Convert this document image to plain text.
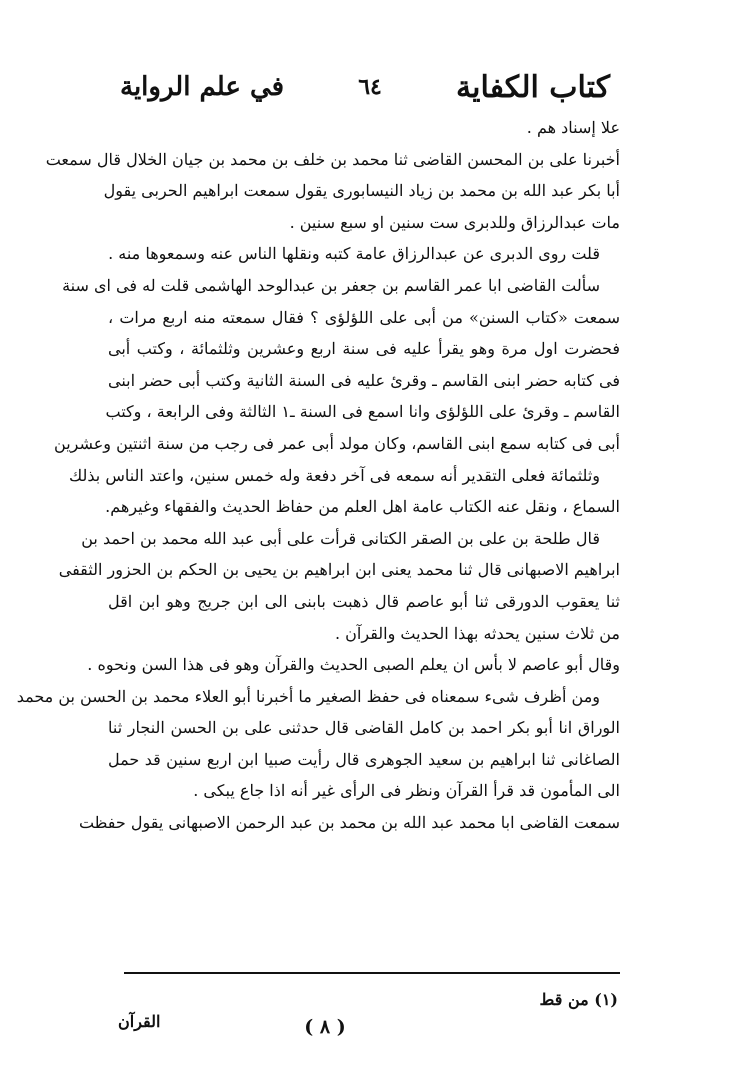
كتاب الكفاية
٦٤
في علم الرواية
علا إسناد هم .
أخبرنا على بن المحسن القاضى ثنا محمد بن خلف بن محمد بن جيان الخلال قال سمعت
أبا بكر عبد الله بن محمد بن زياد النيسابورى يقول سمعت ابراهيم الحربى يقول
مات عبدالرزاق وللدبرى ست سنين او سبع سنين .
قلت روى الدبرى عن عبدالرزاق عامة كتبه ونقلها الناس عنه وسمعوها منه .
سألت القاضى ابا عمر القاسم بن جعفر بن عبدالوحد الهاشمى قلت له فى اى سنة
سمعت «كتاب السنن» من أبى على اللؤلؤى ؟ فقال سمعته منه اربع مرات ،
فحضرت اول مرة وهو يقرأ عليه فى سنة اربع وعشرين وثلثمائة ، وكتب أبى
فى كتابه حضر ابنى القاسم ـ وقرئ عليه فى السنة الثانية وكتب أبى حضر ابنى
القاسم ـ وقرئ على اللؤلؤى وانا اسمع فى السنة ـ١ الثالثة وفى الرابعة ، وكتب
أبى فى كتابه سمع ابنى القاسم، وكان مولد أبى عمر فى رجب من سنة اثنتين وعشرين
وثلثمائة فعلى التقدير أنه سمعه فى آخر دفعة وله خمس سنين، واعتد الناس بذلك
السماع ، ونقل عنه الكتاب عامة اهل العلم من حفاظ الحديث والفقهاء وغيرهم.
قال طلحة بن على بن الصقر الكتانى قرأت على أبى عبد الله محمد بن احمد بن
ابراهيم الاصبهانى قال ثنا محمد يعنى ابن ابراهيم بن يحيى بن الحكم بن الحزور الثقفى
ثنا يعقوب الدورقى ثنا أبو عاصم قال ذهبت بابنى الى ابن جريج وهو ابن اقل
من ثلاث سنين يحدثه بهذا الحديث والقرآن .
وقال أبو عاصم لا بأس ان يعلم الصبى الحديث والقرآن وهو فى هذا السن ونحوه .
ومن أظرف شىء سمعناه فى حفظ الصغير ما أخبرنا أبو العلاء محمد بن الحسن بن محمد
الوراق انا أبو بكر احمد بن كامل القاضى قال حدثنى على بن الحسن النجار ثنا
الصاغانى ثنا ابراهيم بن سعيد الجوهرى قال رأيت صبيا ابن اربع سنين قد حمل
الى المأمون قد قرأ القرآن ونظر فى الرأى غير أنه اذا جاع يبكى .
سمعت القاضى ابا محمد عبد الله بن محمد بن عبد الرحمن الاصبهانى يقول حفظت
(١) من قط
( ٨ )
القرآن
